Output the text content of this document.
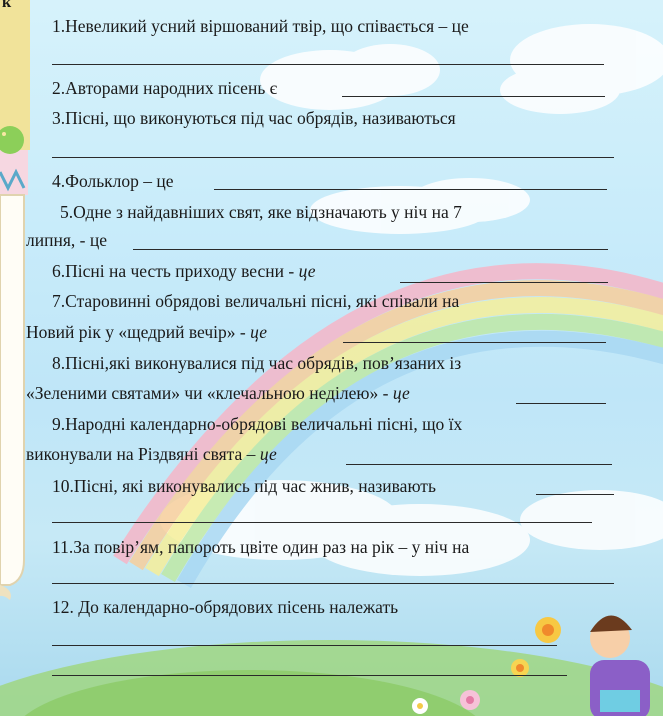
к
1.Невеликий усний віршований твір, що співається – це
2.Авторами народних пісень є
3.Пісні, що виконуються під час обрядів, називаються
4.Фольклор – це
5.Одне з найдавніших свят, яке відзначають у ніч на 7
липня, - це
6.Пісні на честь приходу весни - це
7.Старовинні обрядові величальні пісні, які співали на
Новий рік у «щедрий вечір» - це
8.Пісні,які виконувалися під час обрядів, пов’язаних із
«Зеленими святами» чи «клечальною неділею» - це
9.Народні календарно-обрядові величальні пісні, що їх
виконували на Різдвяні свята – це
10.Пісні, які виконувались під час жнив, називають
11.За повір’ям, папороть цвіте один раз на рік – у ніч на
12. До календарно-обрядових пісень належать
